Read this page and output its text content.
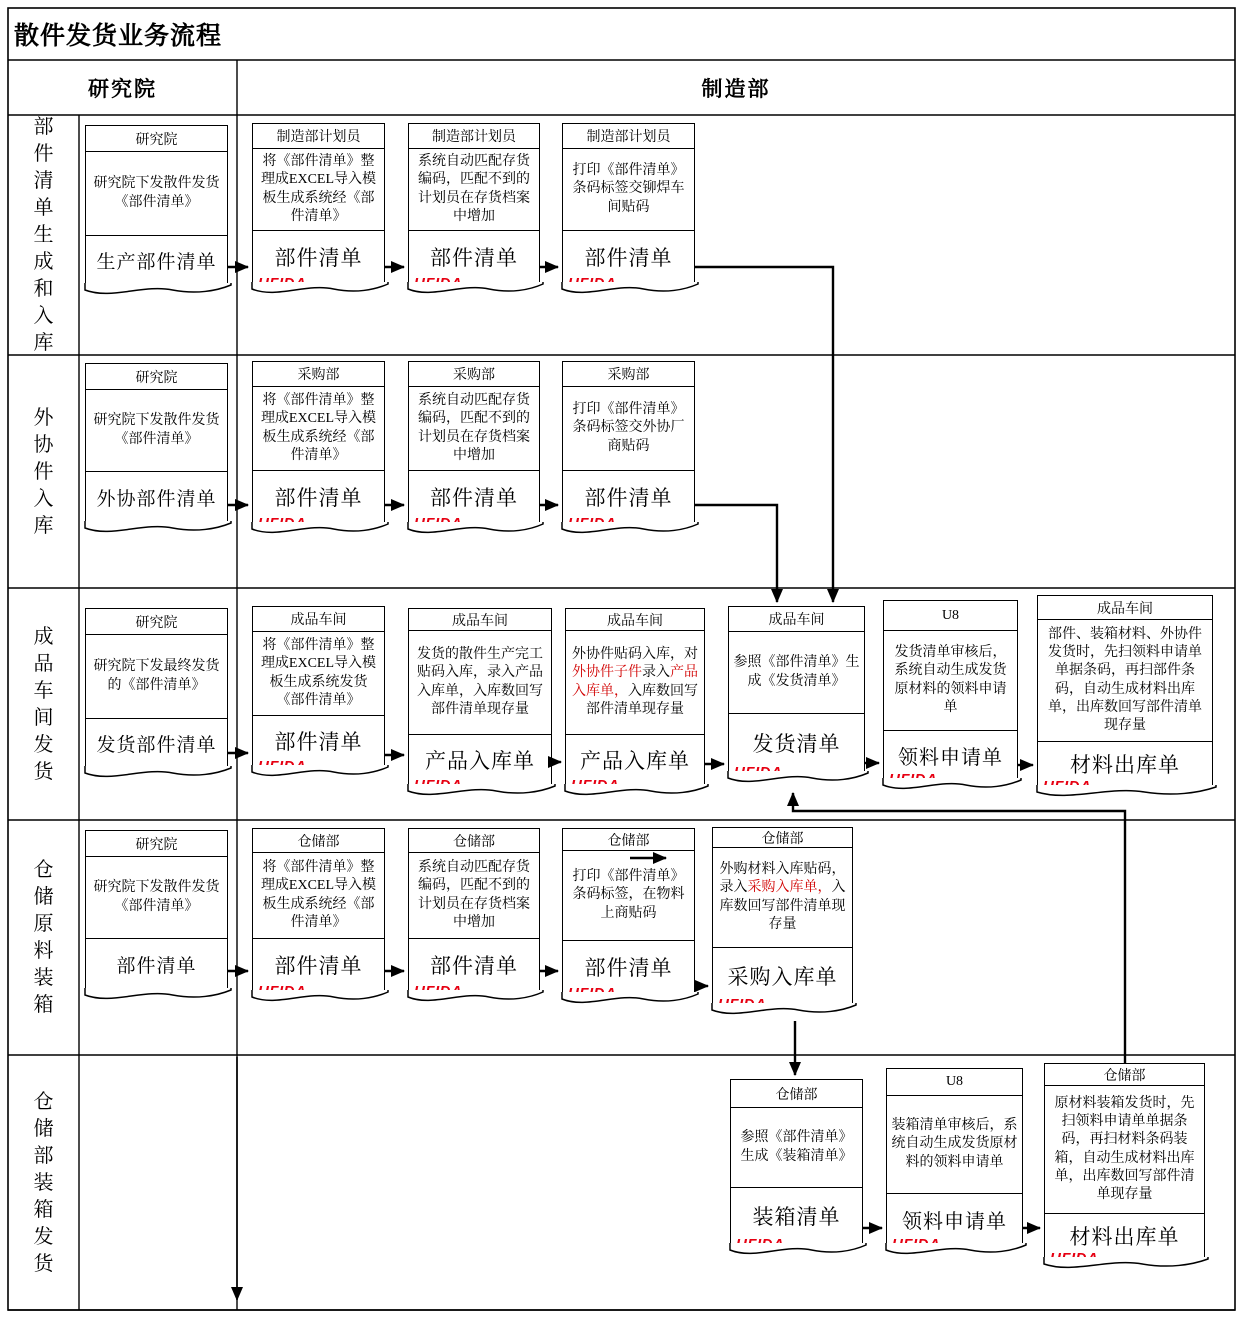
散件发货业务流程
研究院	制造部
部
件
清
单
生
成
和
入
库
外
协
件
入
库
成
品
车
间
发
货
仓
储
原
料
装
箱
仓
储
部
装
箱
发
货
研究院
研究院下发散件发货《部件清单》
生产部件清单
制造部计划员
将《部件清单》整理成EXCEL导入模板生成系统经《部件清单》
部件清单
制造部计划员
系统自动匹配存货编码，匹配不到的计划员在存货档案中增加
部件清单
制造部计划员
打印《部件清单》条码标签交铆焊车间贴码
部件清单
研究院
研究院下发散件发货《部件清单》
外协部件清单
采购部
将《部件清单》整理成EXCEL导入模板生成系统经《部件清单》
部件清单
采购部
系统自动匹配存货编码，匹配不到的计划员在存货档案中增加
部件清单
采购部
打印《部件清单》条码标签交外协厂商贴码
部件清单
研究院
研究院下发最终发货的《部件清单》
发货部件清单
成品车间
将《部件清单》整理成EXCEL导入模板生成系统发货《部件清单》
部件清单
成品车间
发货的散件生产完工贴码入库，录入产品入库单，入库数回写部件清单现存量
产品入库单
成品车间
外协件贴码入库，对外协件子件录入产品入库单，入库数回写部件清单现存量
产品入库单
成品车间
参照《部件清单》生成《发货清单》
发货清单
U8
发货清单审核后，系统自动生成发货原材料的领料申请单
领料申请单
成品车间
部件、装箱材料、外协件发货时，先扫领料申请单单据条码，再扫部件条码，自动生成材料出库单，出库数回写部件清单现存量
材料出库单
研究院
研究院下发散件发货《部件清单》
部件清单
仓储部
将《部件清单》整理成EXCEL导入模板生成系统经《部件清单》
部件清单
仓储部
系统自动匹配存货编码，匹配不到的计划员在存货档案中增加
部件清单
仓储部
打印《部件清单》条码标签，在物料上商贴码
部件清单
仓储部
外购材料入库贴码，录入采购入库单，入库数回写部件清单现存量
采购入库单
仓储部
参照《部件清单》生成《装箱清单》
装箱清单
U8
装箱清单审核后，系统自动生成发货原材料的领料申请单
领料申请单
仓储部
原材料装箱发货时，先扫领料申请单单据条码，再扫材料条码装箱，自动生成材料出库单，出库数回写部件清单现存量
材料出库单
